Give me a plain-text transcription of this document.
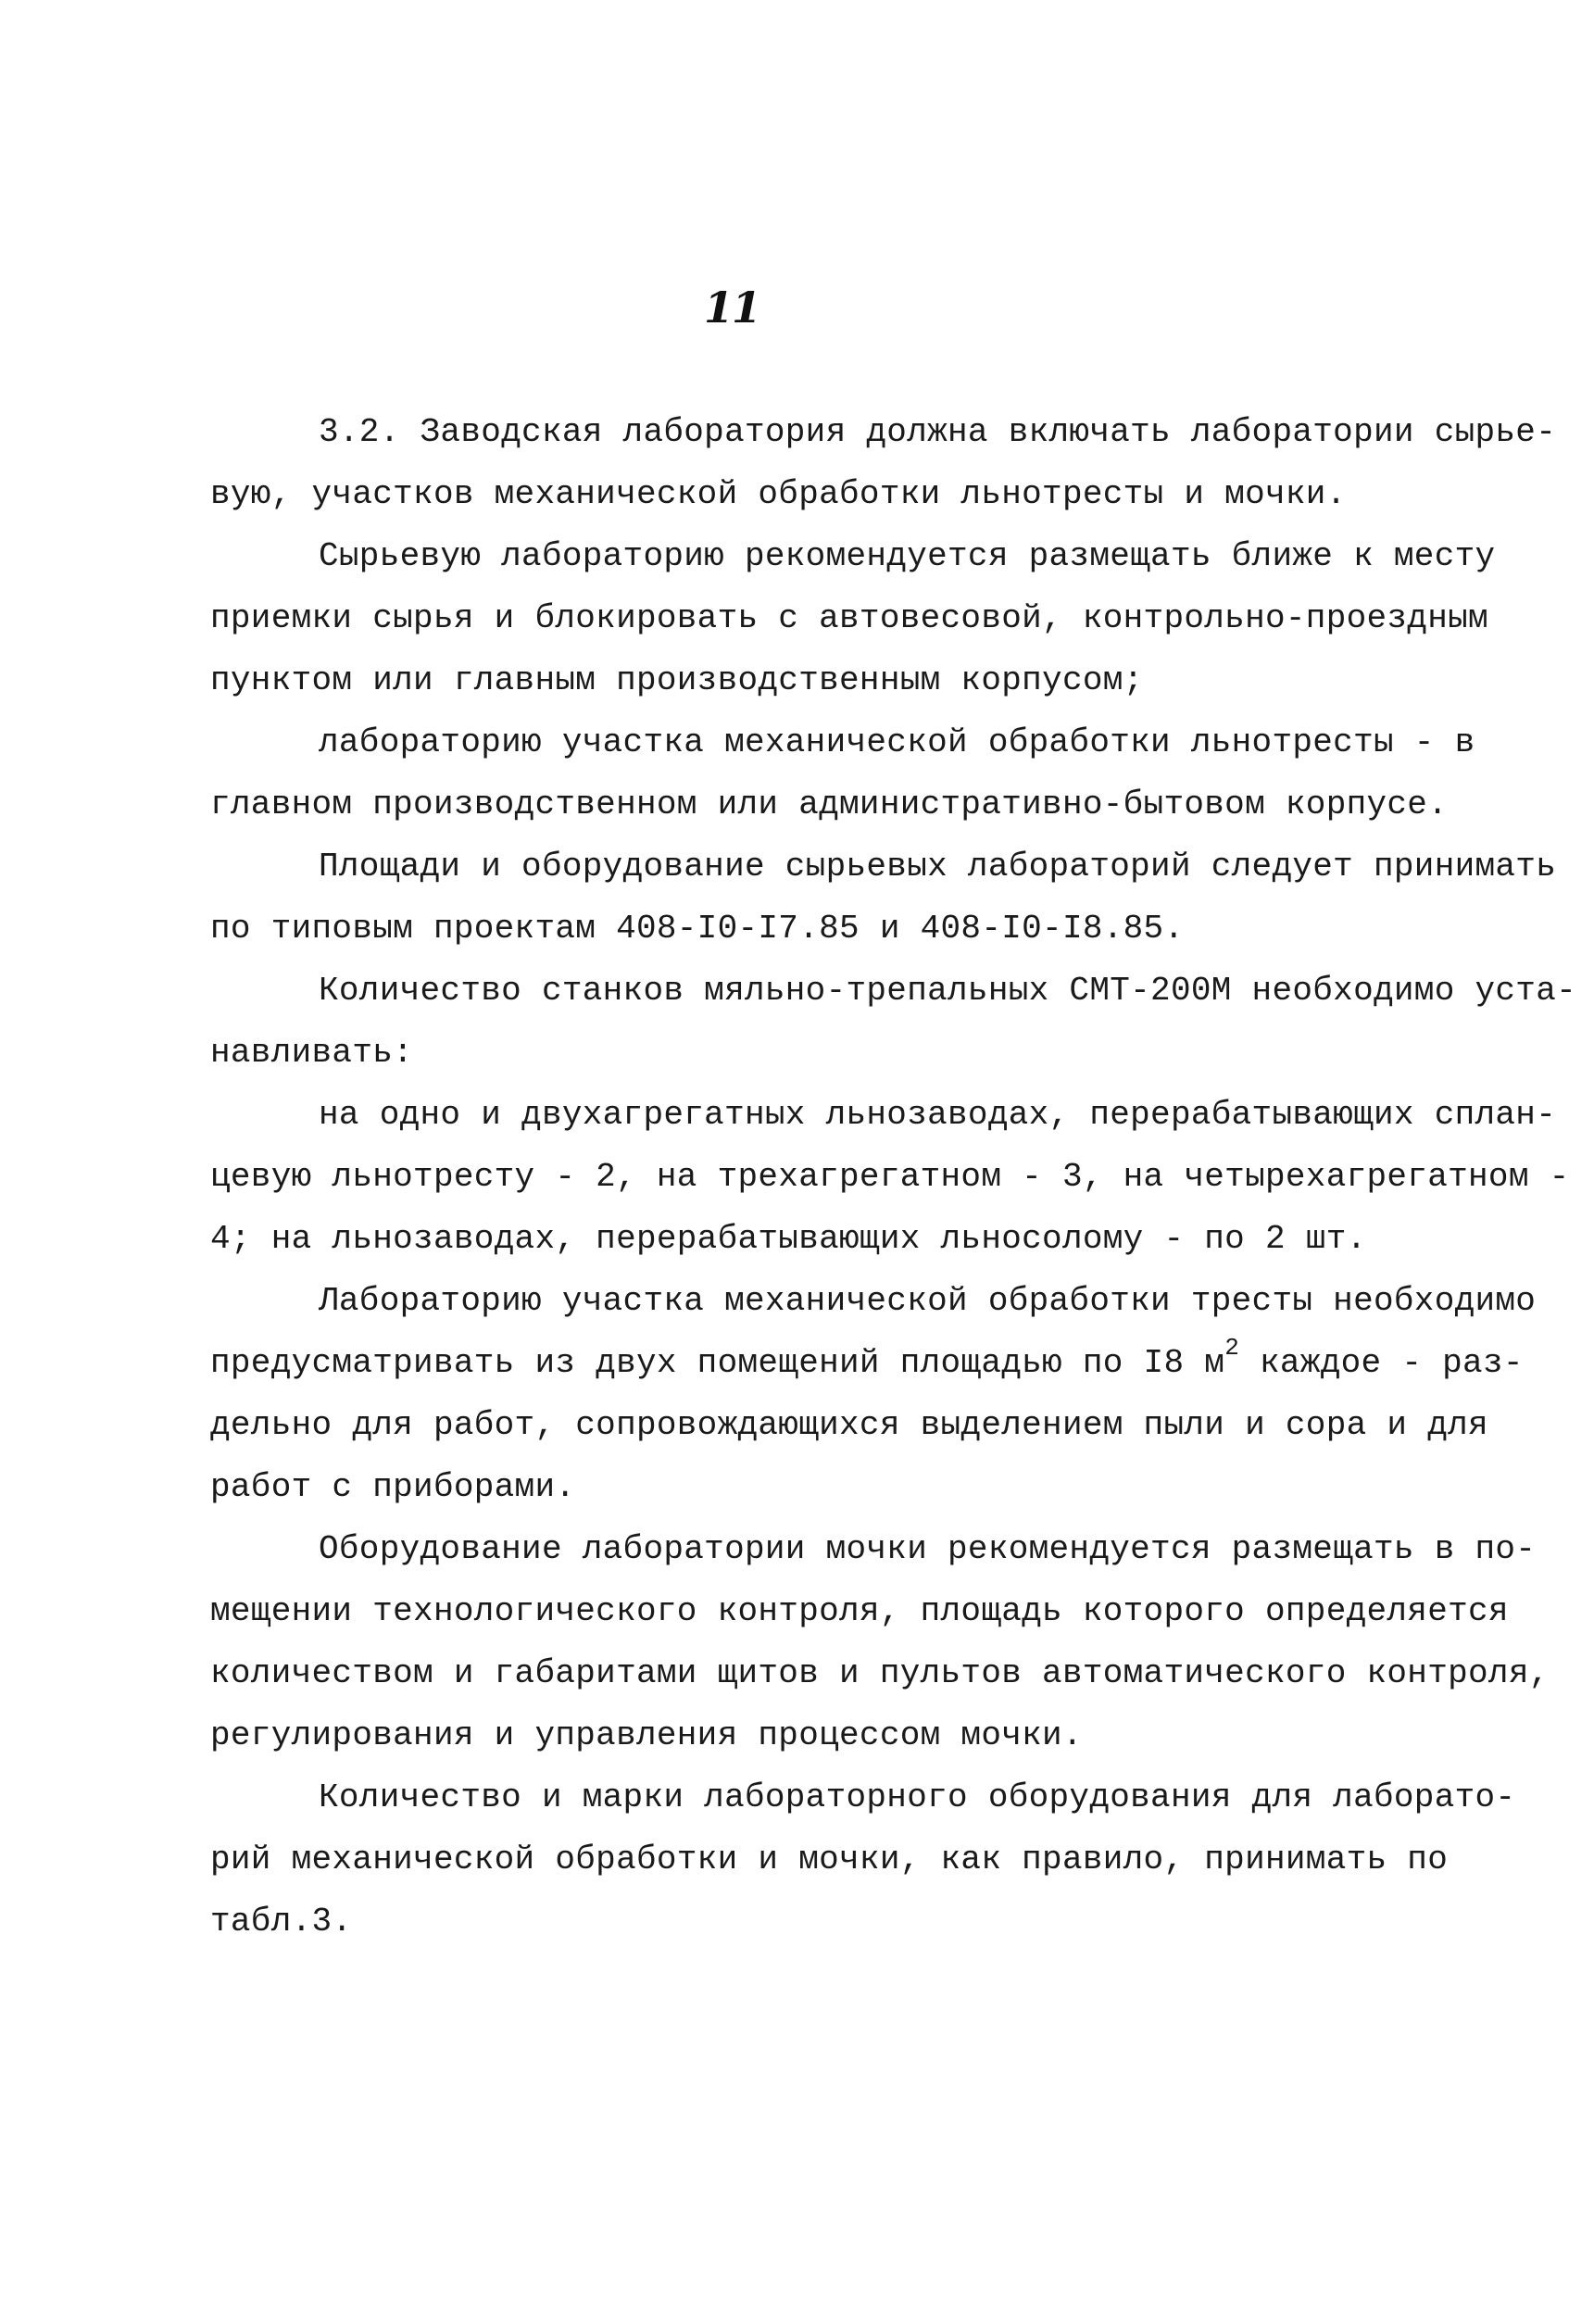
11
3.2. Заводская лаборатория должна включать лаборатории сырье-
вую, участков механической обработки льнотресты и мочки.
Сырьевую лабораторию рекомендуется размещать ближе к месту
приемки сырья и блокировать с автовесовой, контрольно-проездным
пунктом или главным производственным корпусом;
лабораторию участка механической обработки льнотресты - в
главном производственном или административно-бытовом корпусе.
Площади и оборудование сырьевых лабораторий следует принимать
по типовым проектам 408-I0-I7.85 и 408-I0-I8.85.
Количество станков мяльно-трепальных СМТ-200М необходимо уста-
навливать:
на одно и двухагрегатных льнозаводах, перерабатывающих сплан-
цевую льнотресту - 2, на трехагрегатном - 3, на четырехагрегатном -
4; на льнозаводах, перерабатывающих льносолому - по 2 шт.
Лабораторию участка механической обработки тресты необходимо
предусматривать из двух помещений площадью по I8 $м^2$ каждое - раз-
дельно для работ, сопровождающихся выделением пыли и сора и для
работ с приборами.
Оборудование лаборатории мочки рекомендуется размещать в по-
мещении технологического контроля, площадь которого определяется
количеством и габаритами щитов и пультов автоматического контроля,
регулирования и управления процессом мочки.
Количество и марки лабораторного оборудования для лаборато-
рий механической обработки и мочки, как правило, принимать по
табл.3.
